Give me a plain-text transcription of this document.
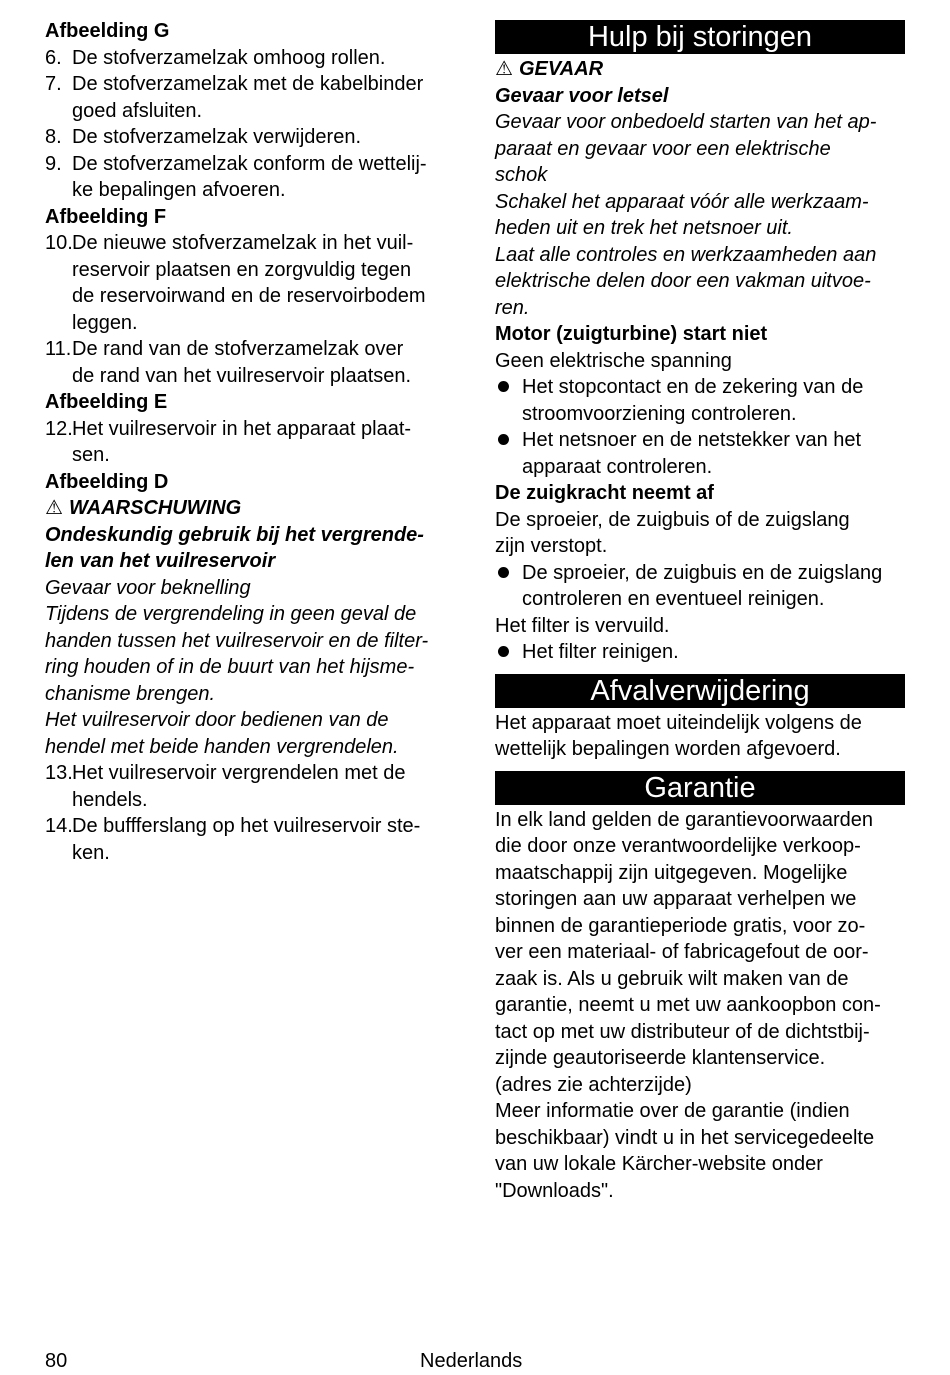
Afbeelding G
6. De stofverzamelzak omhoog rollen.
7. De stofverzamelzak met de kabelbinder
goed afsluiten.
8. De stofverzamelzak verwijderen.
9. De stofverzamelzak conform de wettelij-
ke bepalingen afvoeren.
Afbeelding F
10. De nieuwe stofverzamelzak in het vuil-
reservoir plaatsen en zorgvuldig tegen
de reservoirwand en de reservoirbodem
leggen.
11. De rand van de stofverzamelzak over
de rand van het vuilreservoir plaatsen.
Afbeelding E
12. Het vuilreservoir in het apparaat plaat-
sen.
Afbeelding D
⚠ WAARSCHUWING
Ondeskundig gebruik bij het vergrende-
len van het vuilreservoir
Gevaar voor beknelling
Tijdens de vergrendeling in geen geval de
handen tussen het vuilreservoir en de filter-
ring houden of in de buurt van het hijsme-
chanisme brengen.
Het vuilreservoir door bedienen van de
hendel met beide handen vergrendelen.
13. Het vuilreservoir vergrendelen met de
hendels.
14. De buffferslang op het vuilreservoir ste-
ken.
Hulp bij storingen
⚠ GEVAAR
Gevaar voor letsel
Gevaar voor onbedoeld starten van het ap-
paraat en gevaar voor een elektrische
schok
Schakel het apparaat vóór alle werkzaam-
heden uit en trek het netsnoer uit.
Laat alle controles en werkzaamheden aan
elektrische delen door een vakman uitvoe-
ren.
Motor (zuigturbine) start niet
Geen elektrische spanning
Het stopcontact en de zekering van de
stroomvoorziening controleren.
Het netsnoer en de netstekker van het
apparaat controleren.
De zuigkracht neemt af
De sproeier, de zuigbuis of de zuigslang
zijn verstopt.
De sproeier, de zuigbuis en de zuigslang
controleren en eventueel reinigen.
Het filter is vervuild.
Het filter reinigen.
Afvalverwijdering
Het apparaat moet uiteindelijk volgens de
wettelijk bepalingen worden afgevoerd.
Garantie
In elk land gelden de garantievoorwaarden
die door onze verantwoordelijke verkoop-
maatschappij zijn uitgegeven. Mogelijke
storingen aan uw apparaat verhelpen we
binnen de garantieperiode gratis, voor zo-
ver een materiaal- of fabricagefout de oor-
zaak is. Als u gebruik wilt maken van de
garantie, neemt u met uw aankoopbon con-
tact op met uw distributeur of de dichtstbij-
zijnde geautoriseerde klantenservice.
(adres zie achterzijde)
Meer informatie over de garantie (indien
beschikbaar) vindt u in het servicegedeelte
van uw lokale Kärcher-website onder
"Downloads".
80	Nederlands
